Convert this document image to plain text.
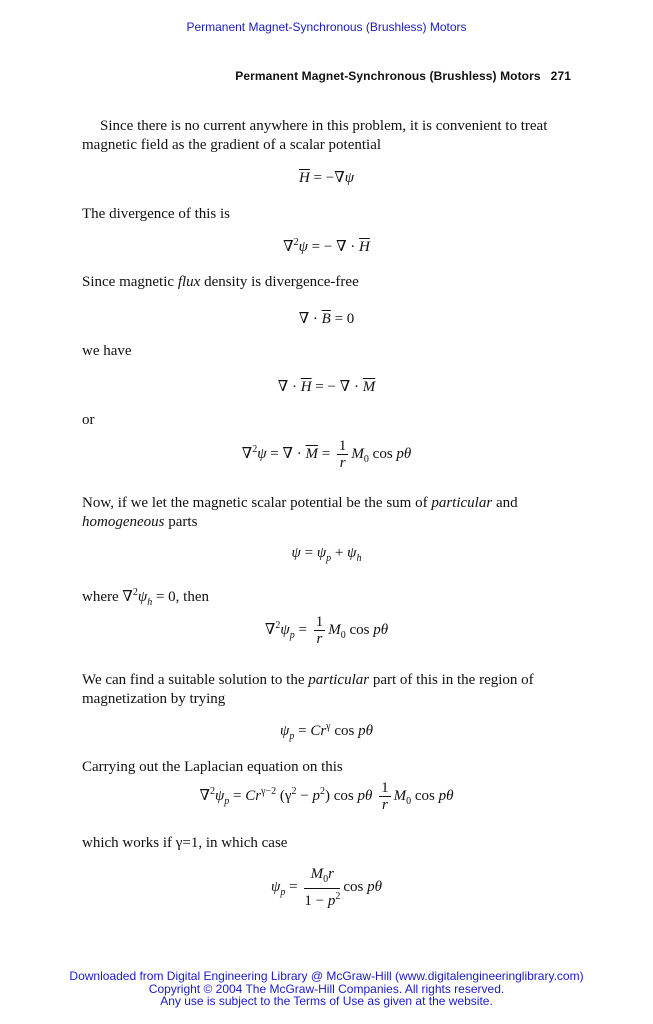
Permanent Magnet-Synchronous (Brushless) Motors
Permanent Magnet-Synchronous (Brushless) Motors 271
Since there is no current anywhere in this problem, it is convenient to treat magnetic field as the gradient of a scalar potential
$\overline{H} = -\nabla\psi$
The divergence of this is
∇$^2$ψ = − ∇ · $\overline{H}$
Since magnetic flux density is divergence-free
∇ · $\overline{B} = 0$
we have
∇ · $\overline{H}$ = − ∇ · $\overline{M}$
or
∇$^2$ψ = ∇ · $\overline{M} = \frac{1}{r} M_0$ cos pθ
Now, if we let the magnetic scalar potential be the sum of particular and homogeneous parts
$\psi = \psi_p + \psi_h$
where $\nabla^2\psi_h = 0$, then
$\nabla^2\psi_p = \frac{1}{r} M_0$ cos pθ
We can find a suitable solution to the particular part of this in the region of magnetization by trying
$\psi_p = Cr^\gamma$ cos pθ
Carrying out the Laplacian equation on this
$\nabla^2\psi_p = Cr^{\gamma-2}$ $(\gamma^2 - p^2)$ cos pθ $\frac{1}{r} M_0$ cos pθ
which works if γ=1, in which case
$\psi_p = \frac{M_0r}{1 - p^2}$ cos pθ
Downloaded from Digital Engineering Library @ McGraw-Hill (www.digitalengineeringlibrary.com)
Copyright © 2004 The McGraw-Hill Companies. All rights reserved.
Any use is subject to the Terms of Use as given at the website.
